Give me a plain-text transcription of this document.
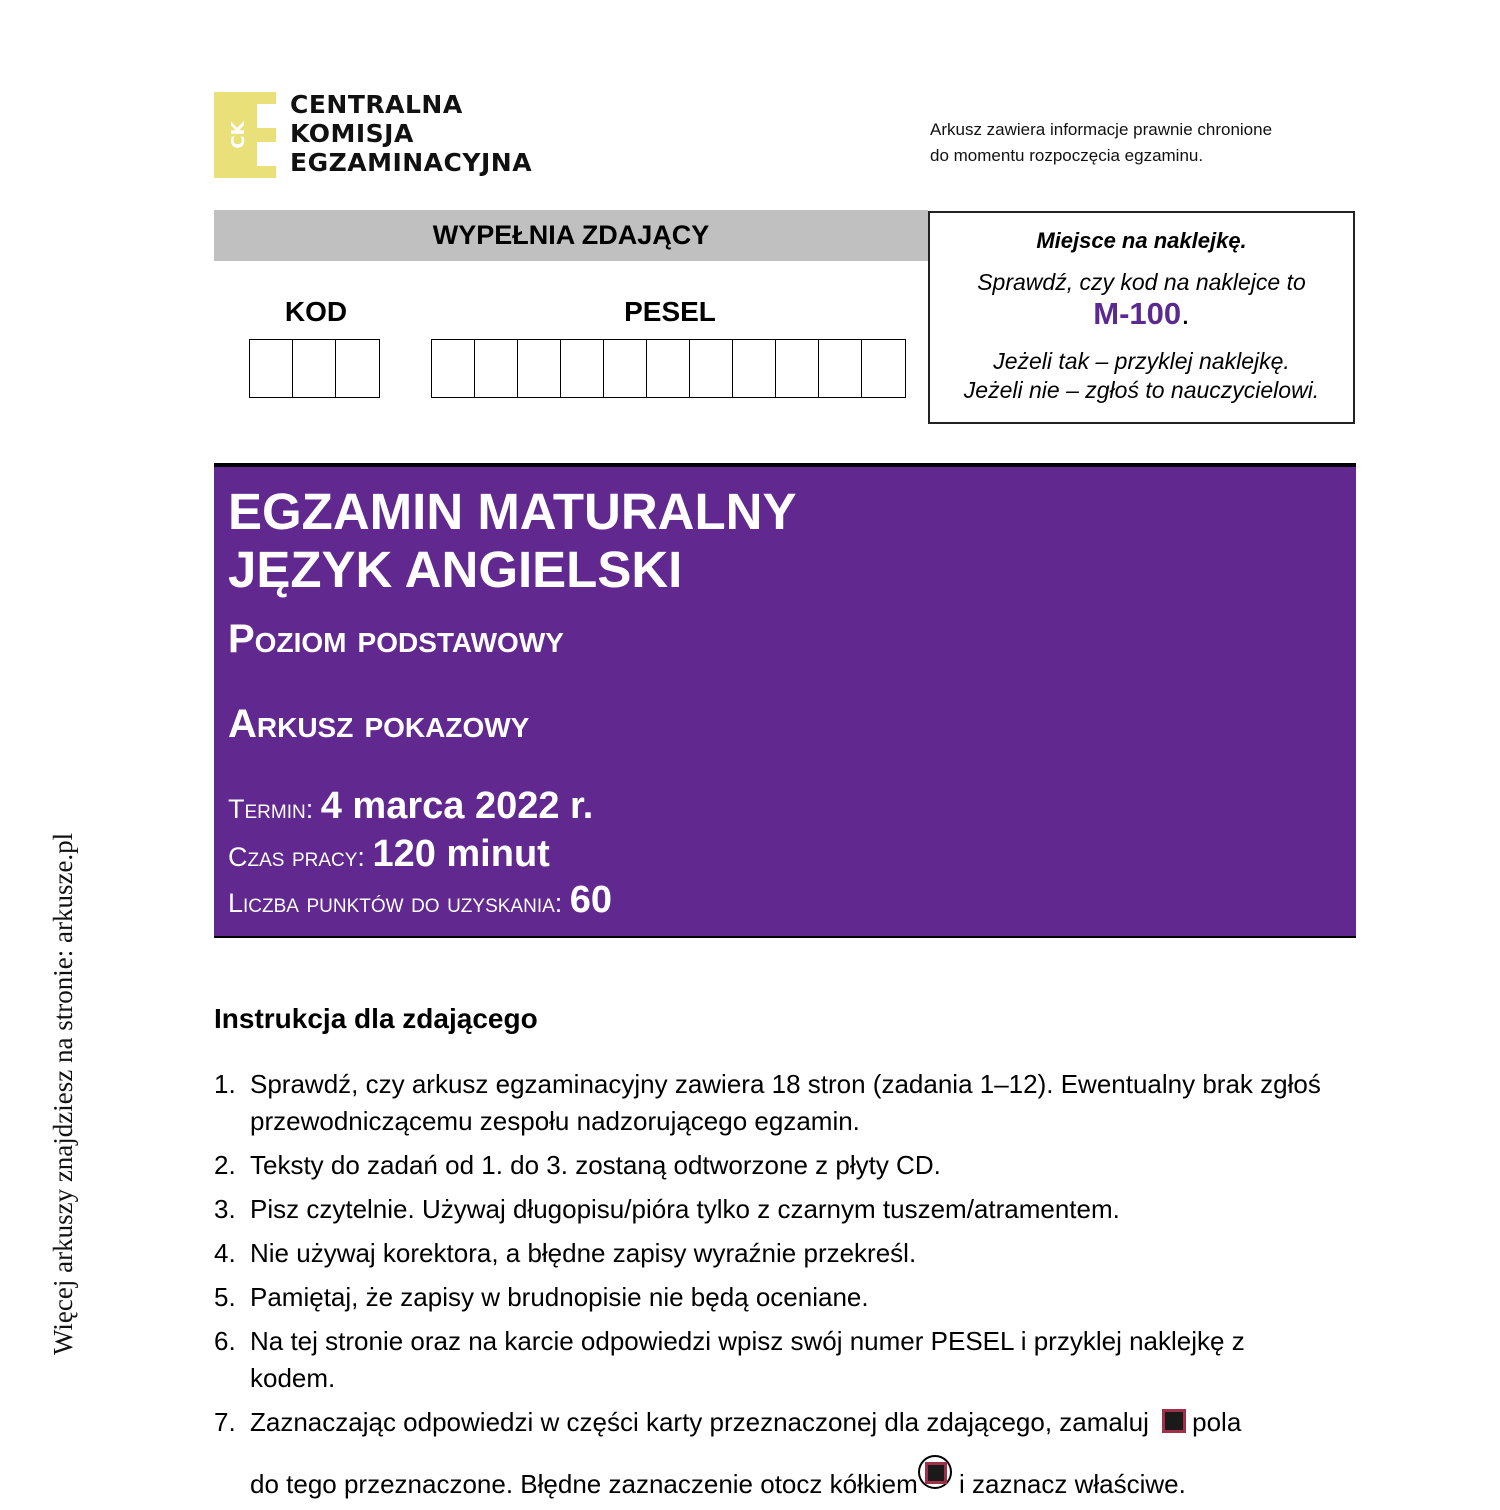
Więcej arkuszy znajdziesz na stronie: arkusze.pl
CK
CENTRALNA
KOMISJA
EGZAMINACYJNA
Arkusz zawiera informacje prawnie chronione
do momentu rozpoczęcia egzaminu.
WYPEŁNIA ZDAJĄCY
KOD	PESEL
Miejsce na naklejkę.
Sprawdź, czy kod na naklejce to
M-100.
Jeżeli tak – przyklej naklejkę.
Jeżeli nie – zgłoś to nauczycielowi.
EGZAMIN MATURALNY
JĘZYK ANGIELSKI
Poziom podstawowy
Arkusz pokazowy
Termin: 4 marca 2022 r.
Czas pracy: 120 minut
Liczba punktów do uzyskania: 60
Instrukcja dla zdającego
1. Sprawdź, czy arkusz egzaminacyjny zawiera 18 stron (zadania 1–12). Ewentualny brak zgłoś przewodniczącemu zespołu nadzorującego egzamin.
2. Teksty do zadań od 1. do 3. zostaną odtworzone z płyty CD.
3. Pisz czytelnie. Używaj długopisu/pióra tylko z czarnym tuszem/atramentem.
4. Nie używaj korektora, a błędne zapisy wyraźnie przekreśl.
5. Pamiętaj, że zapisy w brudnopisie nie będą oceniane.
6. Na tej stronie oraz na karcie odpowiedzi wpisz swój numer PESEL i przyklej naklejkę z kodem.
7. Zaznaczając odpowiedzi w części karty przeznaczonej dla zdającego, zamaluj pola
do tego przeznaczone. Błędne zaznaczenie otocz kółkiem i zaznacz właściwe.
